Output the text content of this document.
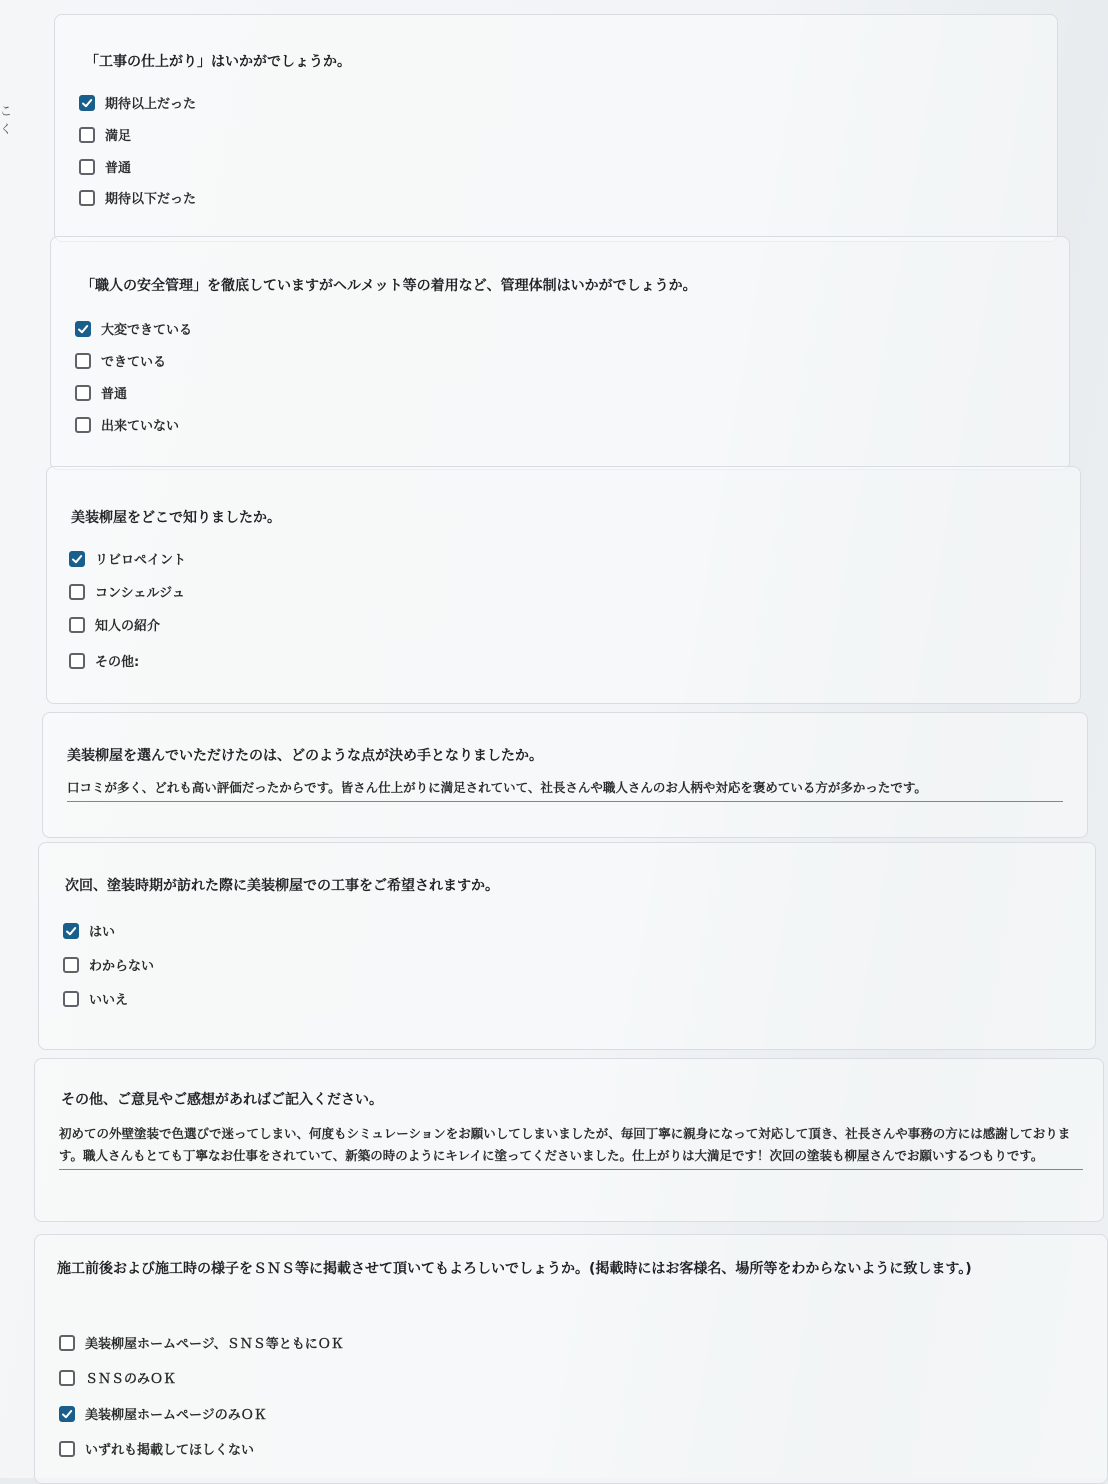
こ
く
「工事の仕上がり」はいかがでしょうか。
期待以上だった
満足
普通
期待以下だった
「職人の安全管理」を徹底していますがヘルメット等の着用など、管理体制はいかがでしょうか。
大変できている
できている
普通
出来ていない
美装柳屋をどこで知りましたか。
リビロペイント
コンシェルジュ
知人の紹介
その他:
美装柳屋を選んでいただけたのは、どのような点が決め手となりましたか。
口コミが多く、どれも高い評価だったからです。皆さん仕上がりに満足されていて、社長さんや職人さんのお人柄や対応を褒めている方が多かったです。
次回、塗装時期が訪れた際に美装柳屋での工事をご希望されますか。
はい
わからない
いいえ
その他、ご意見やご感想があればご記入ください。
初めての外壁塗装で色選びで迷ってしまい、何度もシミュレーションをお願いしてしまいましたが、毎回丁寧に親身になって対応して頂き、社長さんや事務の方には感謝しております。職人さんもとても丁寧なお仕事をされていて、新築の時のようにキレイに塗ってくださいました。仕上がりは大満足です！次回の塗装も柳屋さんでお願いするつもりです。
施工前後および施工時の様子をＳＮＳ等に掲載させて頂いてもよろしいでしょうか。(掲載時にはお客様名、場所等をわからないように致します。)
美装柳屋ホームページ、ＳＮＳ等ともにＯＫ
ＳＮＳのみＯＫ
美装柳屋ホームページのみＯＫ
いずれも掲載してほしくない
